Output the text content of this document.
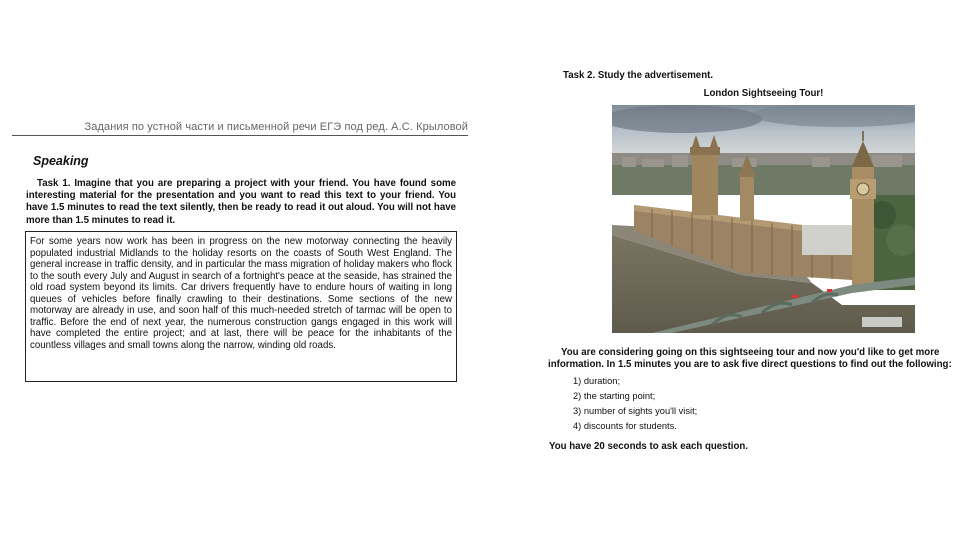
Задания по устной части и письменной речи ЕГЭ под ред. А.С. Крыловой
Speaking
Task 1. Imagine that you are preparing a project with your friend. You have found some interesting material for the presentation and you want to read this text to your friend. You have 1.5 minutes to read the text silently, then be ready to read it out aloud. You will not have more than 1.5 minutes to read it.
For some years now work has been in progress on the new motorway connecting the heavily populated industrial Midlands to the holiday resorts on the coasts of South West England. The general increase in traffic density, and in particular the mass migration of holiday makers who flock to the south every July and August in search of a fortnight's peace at the seaside, has strained the old road system beyond its limits. Car drivers frequently have to endure hours of waiting in long queues of vehicles before finally crawling to their destinations. Some sections of the new motorway are already in use, and soon half of this much-needed stretch of tarmac will be open to traffic. Before the end of next year, the numerous construction gangs engaged in this work will have completed the entire project; and at last, there will be peace for the inhabitants of the countless villages and small towns along the narrow, winding old roads.
Task 2. Study the advertisement.
London Sightseeing Tour!
You are considering going on this sightseeing tour and now you'd like to get more information. In 1.5 minutes you are to ask five direct questions to find out the following:
1) duration;
2) the starting point;
3) number of sights you'll visit;
4) discounts for students.
You have 20 seconds to ask each question.
